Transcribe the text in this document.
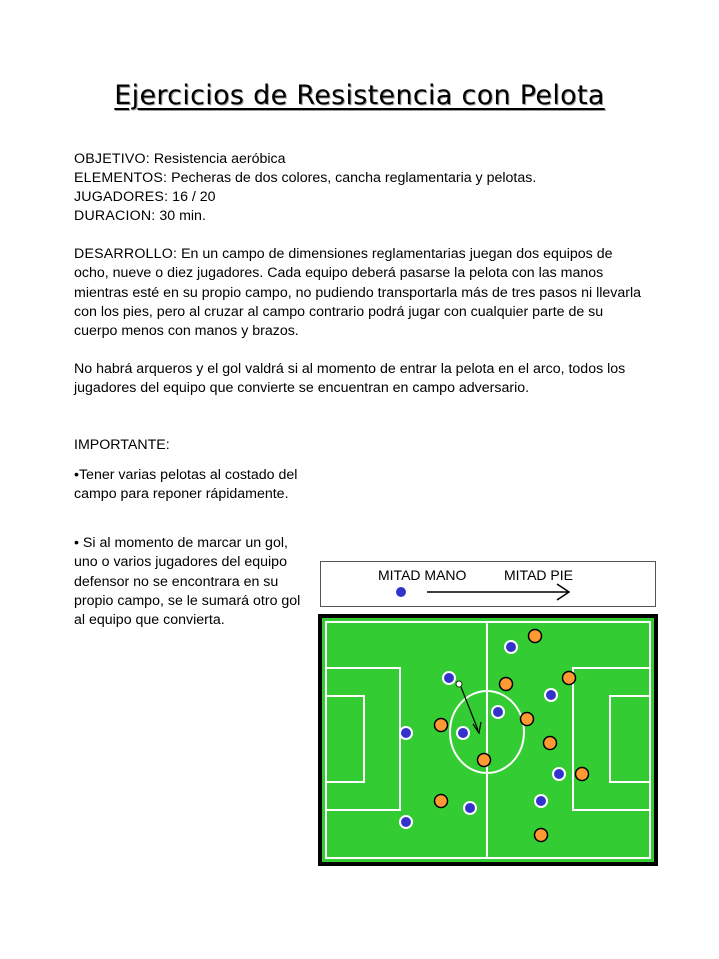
Ejercicios de Resistencia con Pelota

OBJETIVO: Resistencia aeróbica

ELEMENTOS: Pecheras de dos colores, cancha reglamentaria y pelotas.

JUGADORES: 16 / 20

DURACION: 30 min.

DESARROLLO: En un campo de dimensiones reglamentarias juegan dos equipos de ocho, nueve o diez jugadores. Cada equipo deberá pasarse la pelota con las manos mientras esté en su propio campo, no pudiendo transportarla más de tres pasos ni llevarla con los pies, pero al cruzar al campo contrario podrá jugar con cualquier parte de su cuerpo menos con manos y brazos.

No habrá arqueros y el gol valdrá si al momento de entrar la pelota en el arco, todos los jugadores del equipo que convierte se encuentran en campo adversario.

IMPORTANTE:

•Tener varias pelotas al costado del campo para reponer rápidamente.

• Si al momento de marcar un gol, uno o varios jugadores del equipo defensor no se encontrara en su propio campo, se le sumará otro gol al equipo que convierta.

MITAD MANO	MITAD PIE
